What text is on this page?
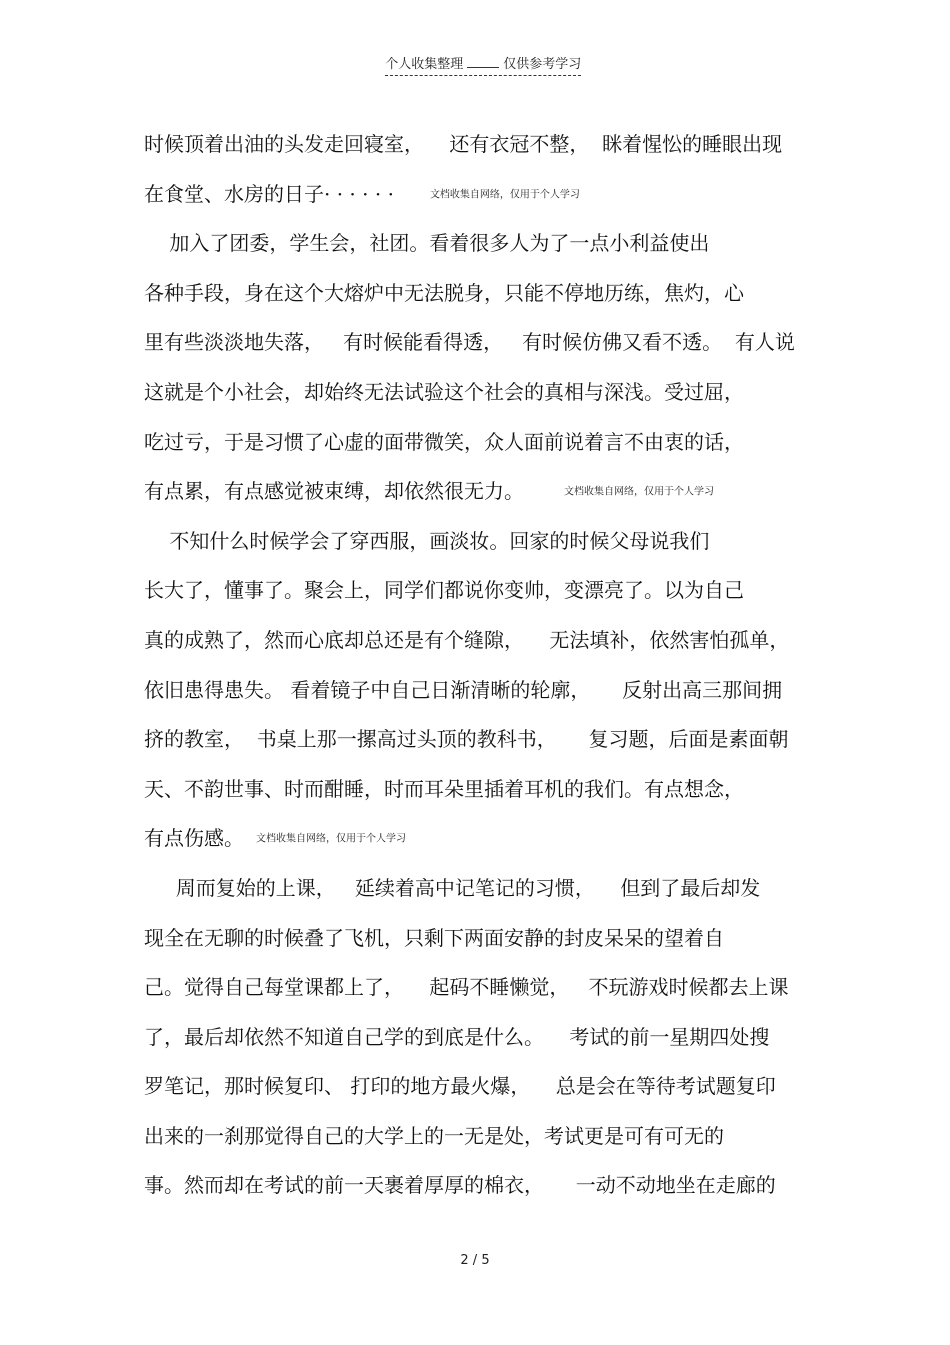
个人收集整理	仅供参考学习

时候顶着出油的头发走回寝室，    还有衣冠不整，  眯着惺忪的睡眼出现
在食堂、水房的日子· · · · · ·	文档收集自网络，仅用于个人学习
加入了团委，学生会，社团。看着很多人为了一点小利益使出
各种手段，身在这个大熔炉中无法脱身，只能不停地历练，焦灼，心
里有些淡淡地失落，   有时候能看得透，   有时候仿佛又看不透。  有人说
这就是个小社会，却始终无法试验这个社会的真相与深浅。受过屈，
吃过亏，于是习惯了心虚的面带微笑，众人面前说着言不由衷的话，
有点累，有点感觉被束缚，却依然很无力。	文档收集自网络，仅用于个人学习
不知什么时候学会了穿西服，画淡妆。回家的时候父母说我们
长大了，懂事了。聚会上，同学们都说你变帅，变漂亮了。以为自己
真的成熟了，然而心底却总还是有个缝隙，    无法填补，依然害怕孤单，
依旧患得患失。 看着镜子中自己日渐清晰的轮廓，     反射出高三那间拥
挤的教室，  书桌上那一摞高过头顶的教科书，     复习题，后面是素面朝
天、不韵世事、时而酣睡，时而耳朵里插着耳机的我们。有点想念，
有点伤感。 文档收集自网络，仅用于个人学习
周而复始的上课，   延续着高中记笔记的习惯，    但到了最后却发
现全在无聊的时候叠了飞机，只剩下两面安静的封皮呆呆的望着自
己。觉得自己每堂课都上了，    起码不睡懒觉，   不玩游戏时候都去上课
了，最后却依然不知道自己学的到底是什么。    考试的前一星期四处搜
罗笔记，那时候复印、 打印的地方最火爆，    总是会在等待考试题复印
出来的一刹那觉得自己的大学上的一无是处，考试更是可有可无的
事。然而却在考试的前一天裹着厚厚的棉衣，     一动不动地坐在走廊的
2 / 5
